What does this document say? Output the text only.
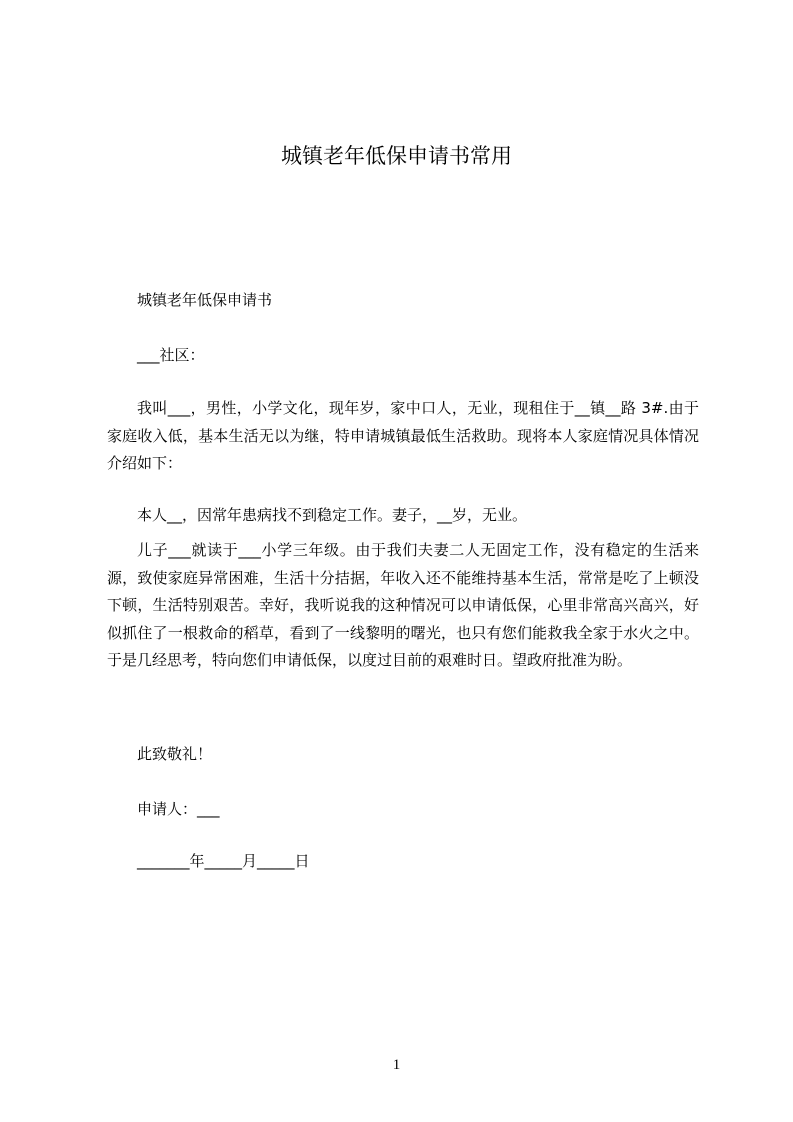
城镇老年低保申请书常用

城镇老年低保申请书

___社区：

我叫___，男性，小学文化，现年岁，家中口人，无业，现租住于__镇__路 3#.由于家庭收入低，基本生活无以为继，特申请城镇最低生活救助。现将本人家庭情况具体情况介绍如下：

本人__，因常年患病找不到稳定工作。妻子，__岁，无业。

儿子___就读于___小学三年级。由于我们夫妻二人无固定工作，没有稳定的生活来源，致使家庭异常困难，生活十分拮据，年收入还不能维持基本生活，常常是吃了上顿没下顿，生活特别艰苦。幸好，我听说我的这种情况可以申请低保，心里非常高兴高兴，好似抓住了一根救命的稻草，看到了一线黎明的曙光，也只有您们能救我全家于水火之中。于是几经思考，特向您们申请低保，以度过目前的艰难时日。望政府批准为盼。

此致敬礼！

申请人：___

_______年_____月_____日

1
